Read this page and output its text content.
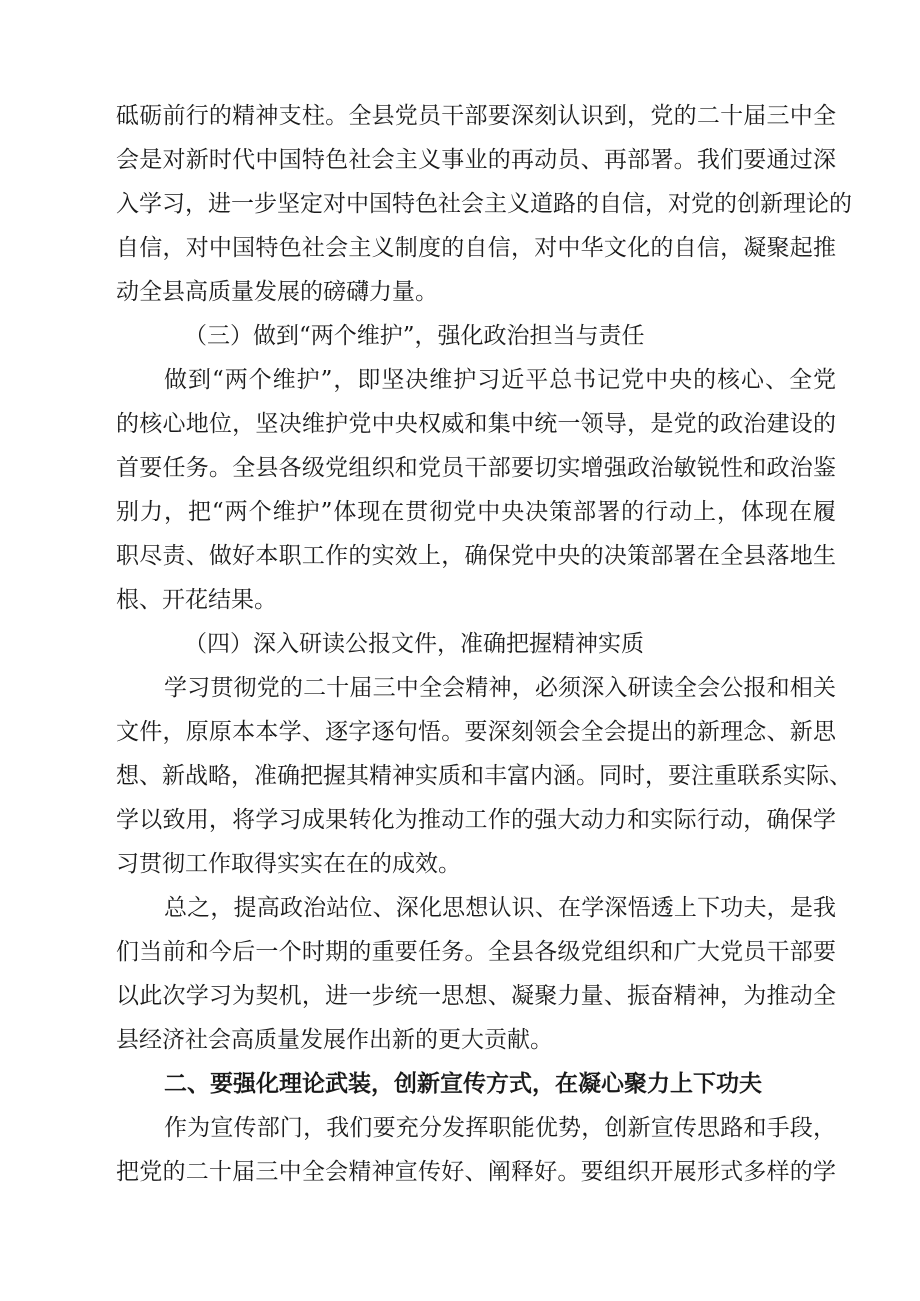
砥砺前行的精神支柱。全县党员干部要深刻认识到，党的二十届三中全
会是对新时代中国特色社会主义事业的再动员、再部署。我们要通过深
入学习，进一步坚定对中国特色社会主义道路的自信，对党的创新理论的
自信，对中国特色社会主义制度的自信，对中华文化的自信，凝聚起推
动全县高质量发展的磅礴力量。
（三）做到“两个维护”，强化政治担当与责任
做到“两个维护”，即坚决维护习近平总书记党中央的核心、全党
的核心地位，坚决维护党中央权威和集中统一领导，是党的政治建设的
首要任务。全县各级党组织和党员干部要切实增强政治敏锐性和政治鉴
别力，把“两个维护”体现在贯彻党中央决策部署的行动上，体现在履
职尽责、做好本职工作的实效上，确保党中央的决策部署在全县落地生
根、开花结果。
（四）深入研读公报文件，准确把握精神实质
学习贯彻党的二十届三中全会精神，必须深入研读全会公报和相关
文件，原原本本学、逐字逐句悟。要深刻领会全会提出的新理念、新思
想、新战略，准确把握其精神实质和丰富内涵。同时，要注重联系实际、
学以致用，将学习成果转化为推动工作的强大动力和实际行动，确保学
习贯彻工作取得实实在在的成效。
总之，提高政治站位、深化思想认识、在学深悟透上下功夫，是我
们当前和今后一个时期的重要任务。全县各级党组织和广大党员干部要
以此次学习为契机，进一步统一思想、凝聚力量、振奋精神，为推动全
县经济社会高质量发展作出新的更大贡献。
二、要强化理论武装，创新宣传方式，在凝心聚力上下功夫
作为宣传部门，我们要充分发挥职能优势，创新宣传思路和手段，
把党的二十届三中全会精神宣传好、阐释好。要组织开展形式多样的学
